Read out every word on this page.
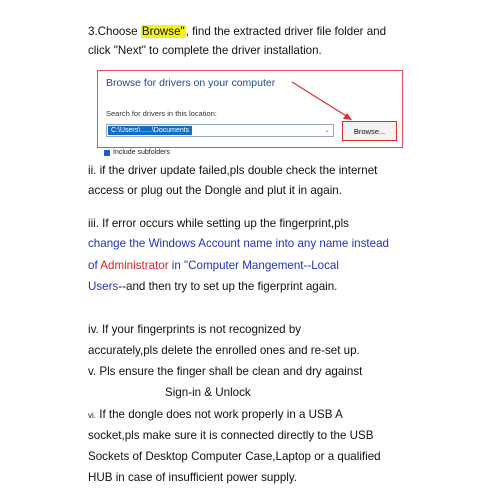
3.Choose Browse", find the extracted driver file folder and
click "Next" to complete the driver installation.
Browse for drivers on your computer
Search for drivers in this location:
C:\Users\......\Documents	⌄	Browse...
Include subfolders
ii. if the driver update failed,pls double check the internet
access or plug out the Dongle and plut it in again.
iii. If error occurs while setting up the fingerprint,pls
change the Windows Account name into any name instead
of Administrator in "Computer Mangement--Local
Users--and then try to set up the figerprint again.
iv. If your fingerprints is not recognized by
accurately,pls delete the enrolled ones and re-set up.
v. Pls ensure the finger shall be clean and dry against
Sign-in & Unlock
vi. If the dongle does not work properly in a USB A
socket,pls make sure it is connected directly to the USB
Sockets of Desktop Computer Case,Laptop or a qualified
HUB in case of insufficient power supply.
